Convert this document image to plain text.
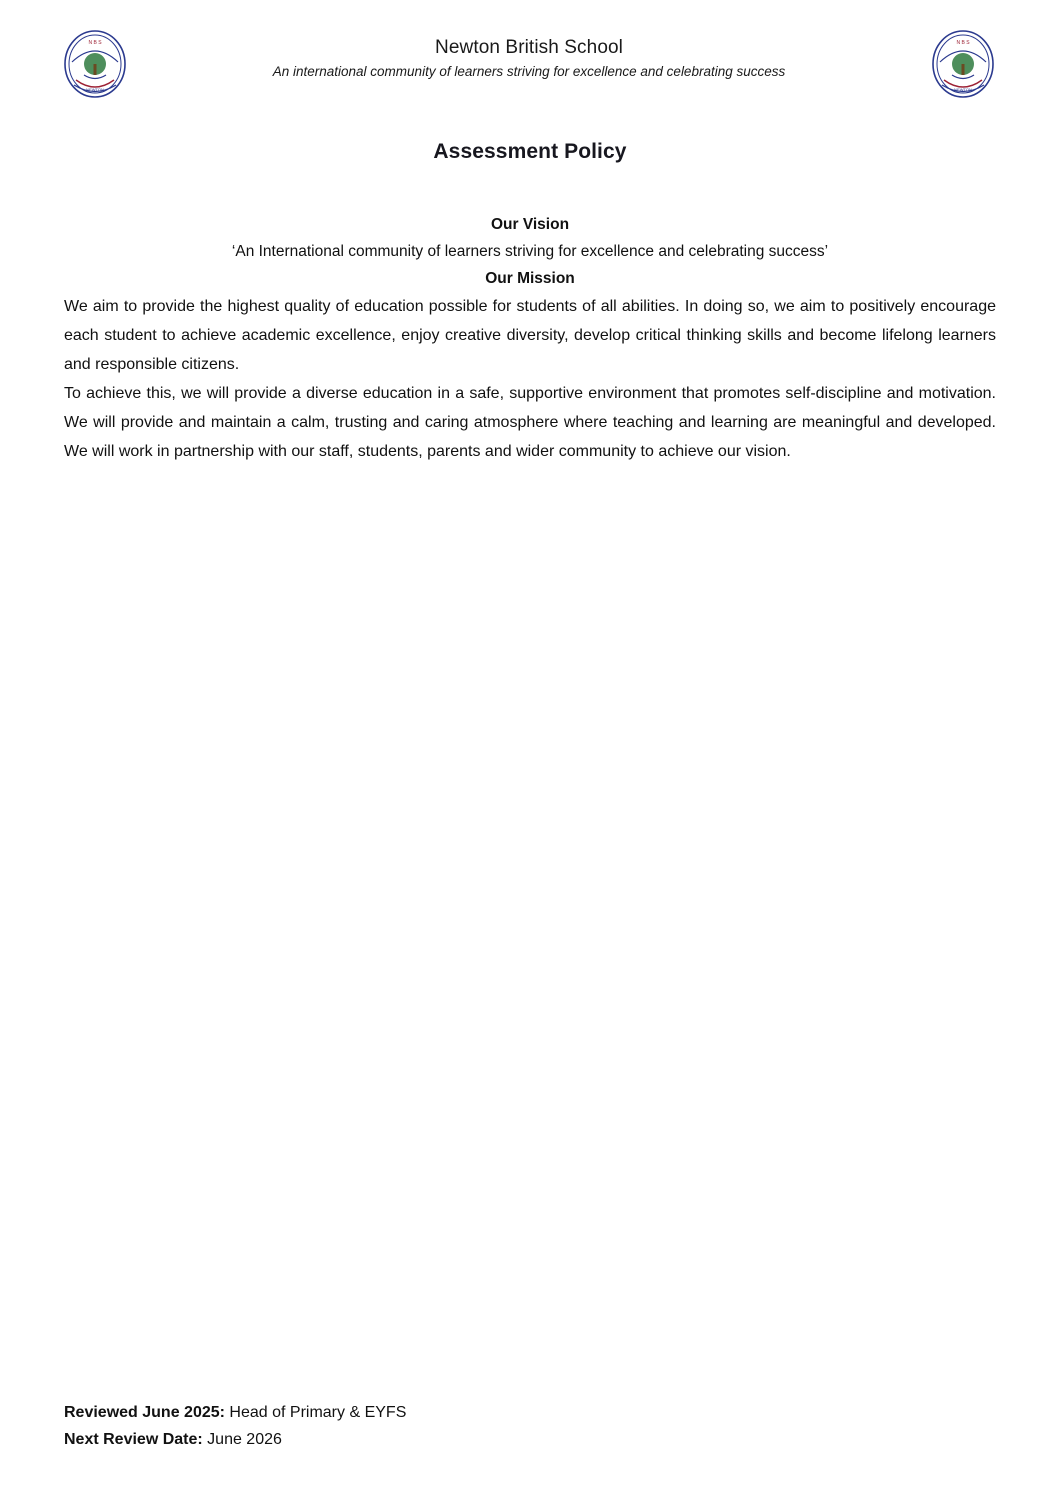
N B S
NEWTON
Newton British School
An international community of learners striving for excellence and celebrating success
N B S
NEWTON
Assessment Policy
Our Vision
‘An International community of learners striving for excellence and celebrating success’
Our Mission

We aim to provide the highest quality of education possible for students of all abilities. In doing so, we aim to positively encourage each student to achieve academic excellence, enjoy creative diversity, develop critical thinking skills and become lifelong learners and responsible citizens.

To achieve this, we will provide a diverse education in a safe, supportive environment that promotes self-discipline and motivation. We will provide and maintain a calm, trusting and caring atmosphere where teaching and learning are meaningful and developed. We will work in partnership with our staff, students, parents and wider community to achieve our vision.

Reviewed June 2025: Head of Primary & EYFS
Next Review Date: June 2026
